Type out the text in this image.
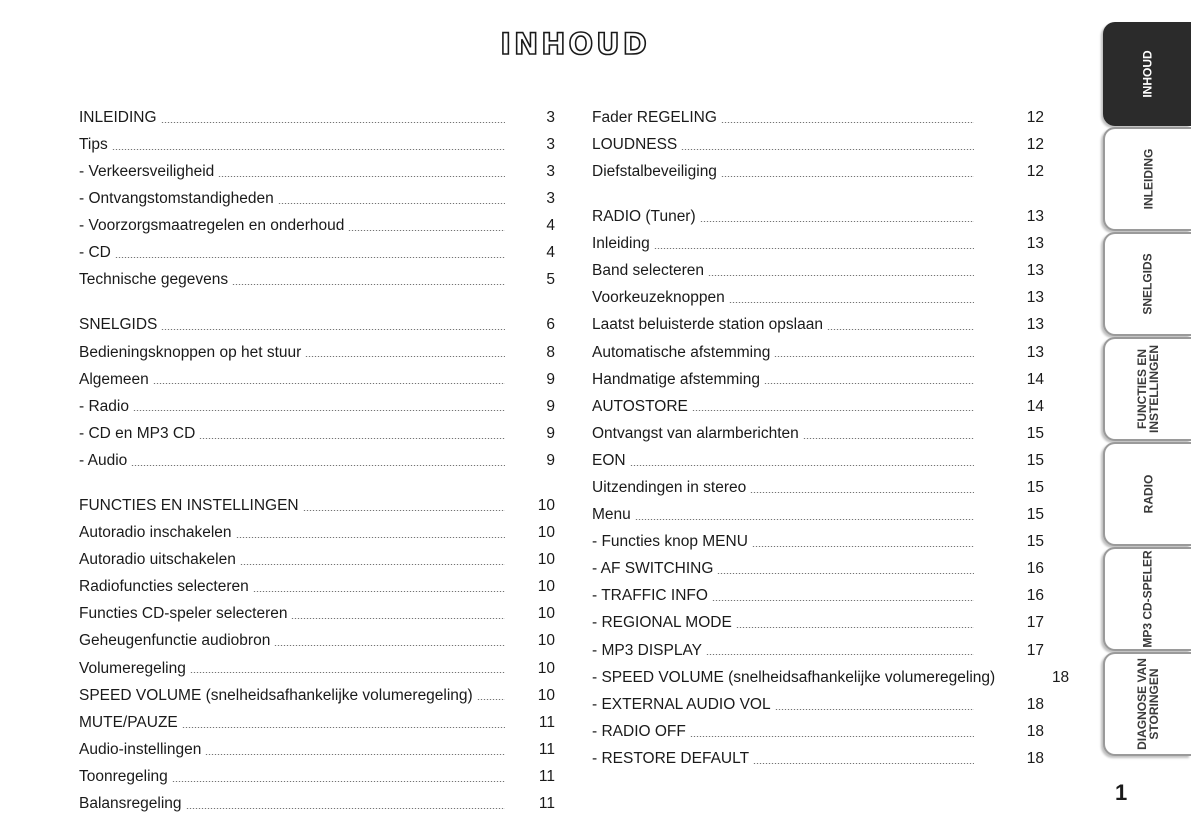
INHOUD
INLEIDING	3
Tips	3
- Verkeersveiligheid	3
- Ontvangstomstandigheden	3
- Voorzorgsmaatregelen en onderhoud	4
- CD	4
Technische gegevens	5
SNELGIDS	6
Bedieningsknoppen op het stuur	8
Algemeen	9
- Radio	9
- CD en MP3 CD	9
- Audio	9
FUNCTIES EN INSTELLINGEN	10
Autoradio inschakelen	10
Autoradio uitschakelen	10
Radiofuncties selecteren	10
Functies CD-speler selecteren	10
Geheugenfunctie audiobron	10
Volumeregeling	10
SPEED VOLUME (snelheidsafhankelijke volumeregeling)	10
MUTE/PAUZE	11
Audio-instellingen	11
Toonregeling	11
Balansregeling	11
Fader REGELING	12
LOUDNESS	12
Diefstalbeveiliging	12
RADIO (Tuner)	13
Inleiding	13
Band selecteren	13
Voorkeuzeknoppen	13
Laatst beluisterde station opslaan	13
Automatische afstemming	13
Handmatige afstemming	14
AUTOSTORE	14
Ontvangst van alarmberichten	15
EON	15
Uitzendingen in stereo	15
Menu	15
- Functies knop MENU	15
- AF SWITCHING	16
- TRAFFIC INFO	16
- REGIONAL MODE	17
- MP3 DISPLAY	17
- SPEED VOLUME (snelheidsafhankelijke volumeregeling)	18
- EXTERNAL AUDIO VOL	18
- RADIO OFF	18
- RESTORE DEFAULT	18
INHOUD
INLEIDING
SNELGIDS
FUNCTIES EN
INSTELLINGEN
RADIO
MP3 CD-SPELER
DIAGNOSE VAN
STORINGEN
1
